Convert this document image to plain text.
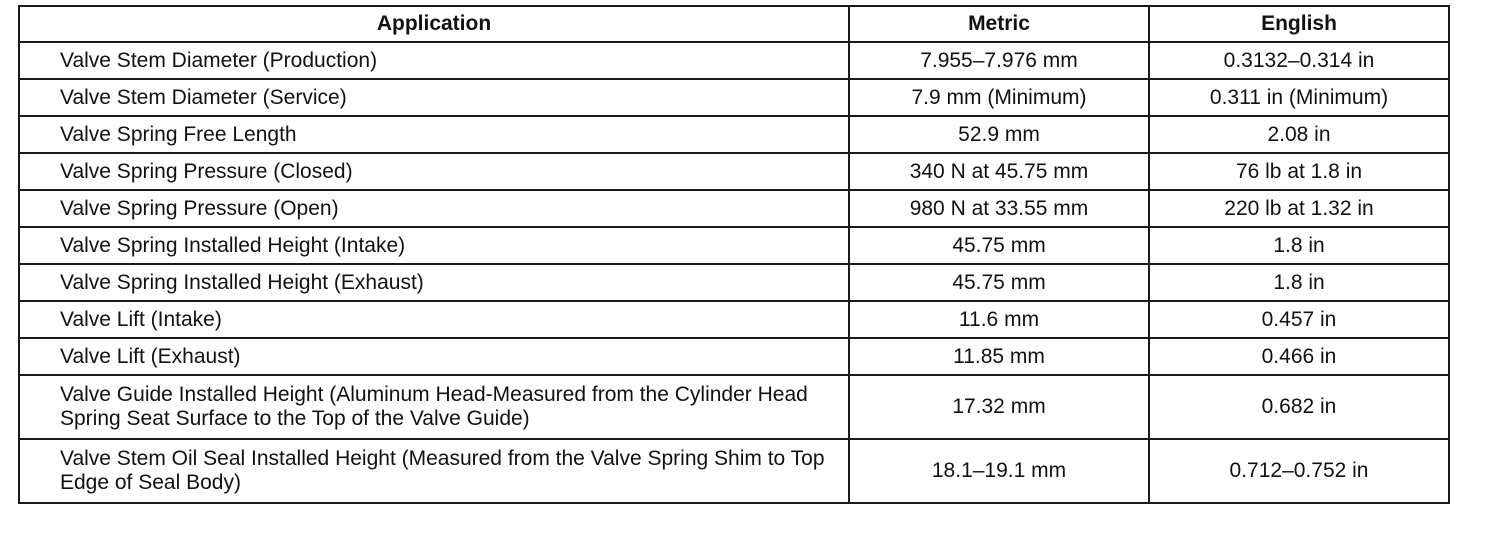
Application	Metric	English
Valve Stem Diameter (Production)	7.955–7.976 mm	0.3132–0.314 in
Valve Stem Diameter (Service)	7.9 mm (Minimum)	0.311 in (Minimum)
Valve Spring Free Length	52.9 mm	2.08 in
Valve Spring Pressure (Closed)	340 N at 45.75 mm	76 lb at 1.8 in
Valve Spring Pressure (Open)	980 N at 33.55 mm	220 lb at 1.32 in
Valve Spring Installed Height (Intake)	45.75 mm	1.8 in
Valve Spring Installed Height (Exhaust)	45.75 mm	1.8 in
Valve Lift (Intake)	11.6 mm	0.457 in
Valve Lift (Exhaust)	11.85 mm	0.466 in
Valve Guide Installed Height (Aluminum Head-Measured from the Cylinder Head Spring Seat Surface to the Top of the Valve Guide)	17.32 mm	0.682 in
Valve Stem Oil Seal Installed Height (Measured from the Valve Spring Shim to Top Edge of Seal Body)	18.1–19.1 mm	0.712–0.752 in
